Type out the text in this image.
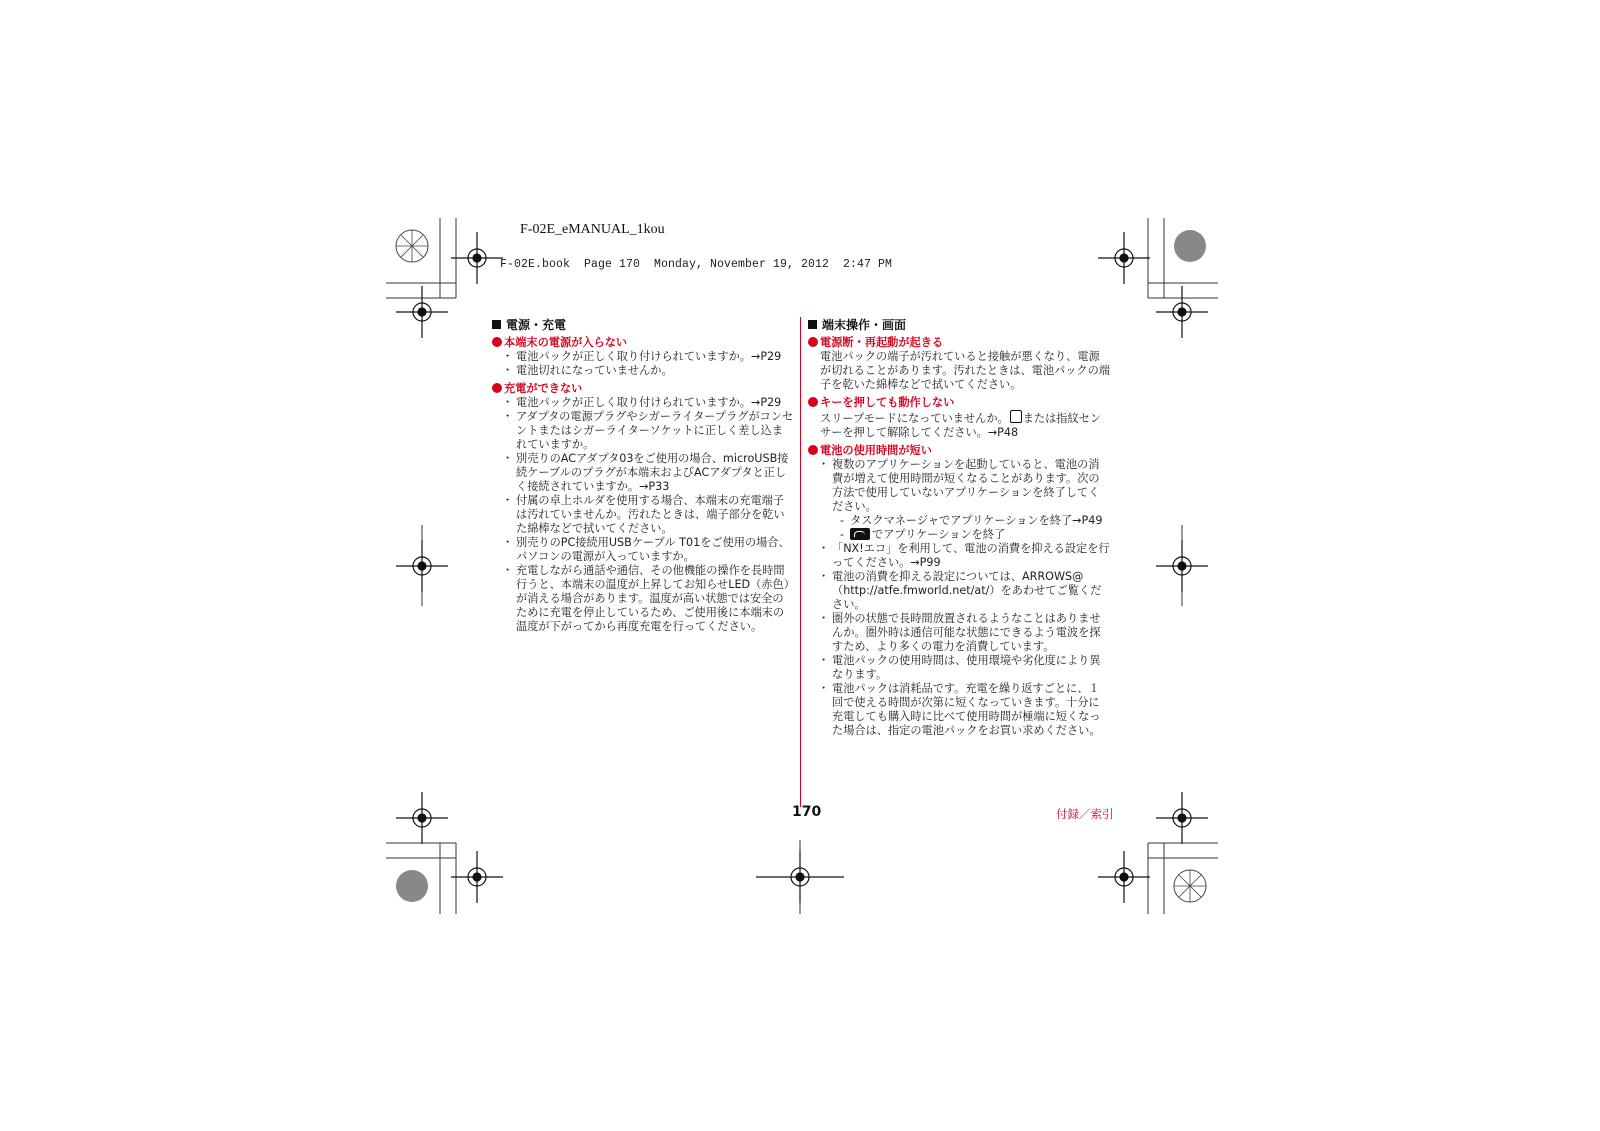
F-02E_eMANUAL_1kou
F-02E.book  Page 170  Monday, November 19, 2012  2:47 PM
電源・充電
本端末の電源が入らない
・ 電池パックが正しく取り付けられていますか。→P29
・ 電池切れになっていませんか。
充電ができない
・ 電池パックが正しく取り付けられていますか。→P29
・ アダプタの電源プラグやシガーライタープラグがコンセントまたはシガーライターソケットに正しく差し込まれていますか。
・ 別売りのACアダプタ03をご使用の場合、microUSB接続ケーブルのプラグが本端末およびACアダプタと正しく接続されていますか。→P33
・ 付属の卓上ホルダを使用する場合、本端末の充電端子は汚れていませんか。汚れたときは、端子部分を乾いた綿棒などで拭いてください。
・ 別売りのPC接続用USBケーブル T01をご使用の場合、パソコンの電源が入っていますか。
・ 充電しながら通話や通信、その他機能の操作を長時間行うと、本端末の温度が上昇してお知らせLED（赤色）が消える場合があります。温度が高い状態では安全のために充電を停止しているため、ご使用後に本端末の温度が下がってから再度充電を行ってください。
端末操作・画面
電源断・再起動が起きる
電池パックの端子が汚れていると接触が悪くなり、電源が切れることがあります。汚れたときは、電池パックの端子を乾いた綿棒などで拭いてください。
キーを押しても動作しない
スリープモードになっていませんか。 または指紋センサーを押して解除してください。→P48
電池の使用時間が短い
・ 複数のアプリケーションを起動していると、電池の消費が増えて使用時間が短くなることがあります。次の方法で使用していないアプリケーションを終了してください。
- タスクマネージャでアプリケーションを終了→P49
- でアプリケーションを終了
・ 「NX!エコ」を利用して、電池の消費を抑える設定を行ってください。→P99
・ 電池の消費を抑える設定については、ARROWS@（http://atfe.fmworld.net/at/）をあわせてご覧ください。
・ 圏外の状態で長時間放置されるようなことはありませんか。圏外時は通信可能な状態にできるよう電波を探すため、より多くの電力を消費しています。
・ 電池パックの使用時間は、使用環境や劣化度により異なります。
・ 電池パックは消耗品です。充電を繰り返すごとに、１回で使える時間が次第に短くなっていきます。十分に充電しても購入時に比べて使用時間が極端に短くなった場合は、指定の電池パックをお買い求めください。
170	付録／索引
